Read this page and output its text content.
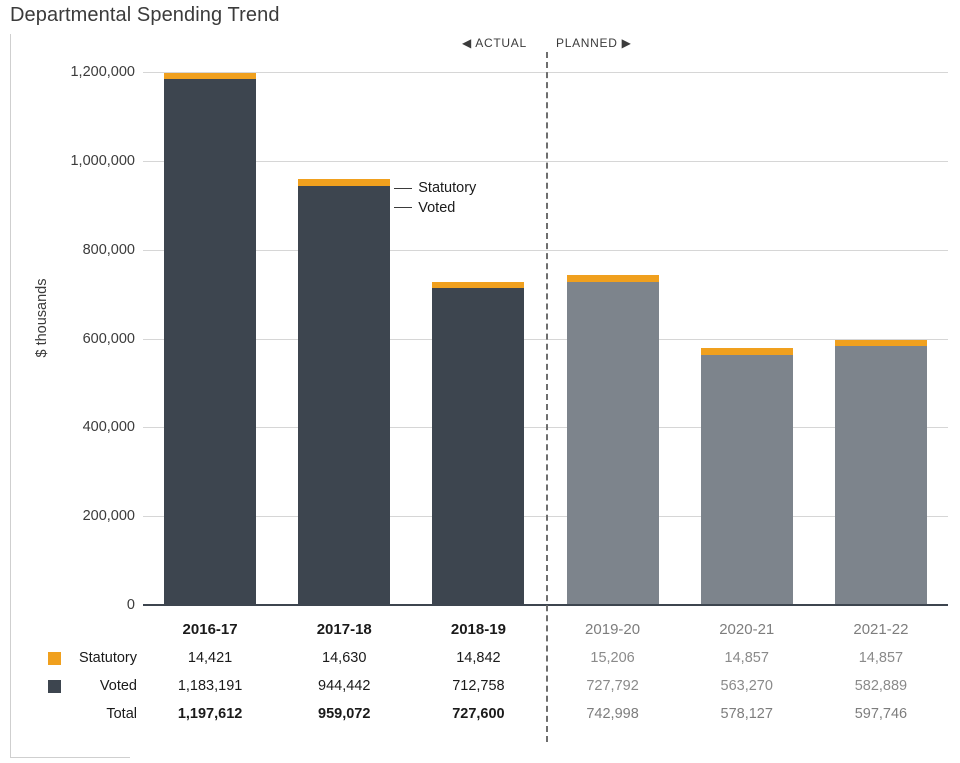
Departmental Spending Trend
$ thousands
0
200,000
400,000
600,000
800,000
1,000,000
1,200,000
◀ ACTUAL PLANNED ▶
Statutory
Voted
2016-17	2017-18	2018-19	2019-20	2020-21	2021-22
Statutory	14,421	14,630	14,842	15,206	14,857	14,857
Voted	1,183,191	944,442	712,758	727,792	563,270	582,889
Total	1,197,612	959,072	727,600	742,998	578,127	597,746
